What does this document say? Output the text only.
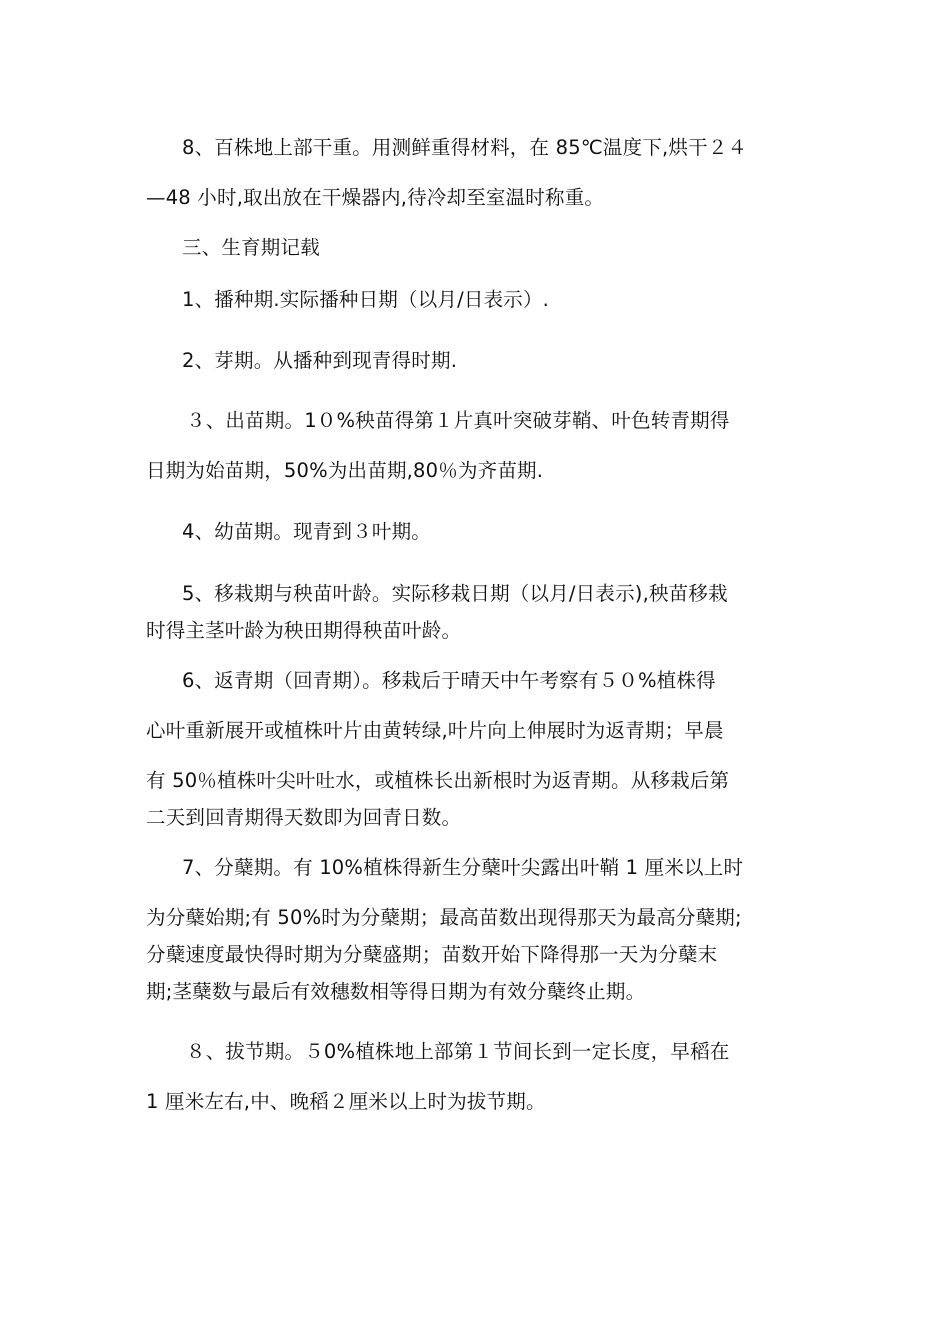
8、百株地上部干重。用测鲜重得材料，在 85℃温度下,烘干２４
—48 小时,取出放在干燥器内,待冷却至室温时称重。
三、生育期记载
1、播种期.实际播种日期（以月/日表示）.
2、芽期。从播种到现青得时期.
３、出苗期。1０%秧苗得第１片真叶突破芽鞘、叶色转青期得
日期为始苗期，50%为出苗期,80％为齐苗期.
4、幼苗期。现青到３叶期。
5、移栽期与秧苗叶龄。实际移栽日期（以月/日表示),秧苗移栽
时得主茎叶龄为秧田期得秧苗叶龄。
6、返青期（回青期）。移栽后于晴天中午考察有５０%植株得
心叶重新展开或植株叶片由黄转绿,叶片向上伸展时为返青期；早晨
有 50％植株叶尖叶吐水，或植株长出新根时为返青期。从移栽后第
二天到回青期得天数即为回青日数。
7、分蘖期。有 10%植株得新生分蘖叶尖露出叶鞘 1 厘米以上时
为分蘖始期;有 50%时为分蘖期；最高苗数出现得那天为最高分蘖期;
分蘖速度最快得时期为分蘖盛期；苗数开始下降得那一天为分蘖末
期;茎蘖数与最后有效穗数相等得日期为有效分蘖终止期。
８、拔节期。５0%植株地上部第１节间长到一定长度，早稻在
1 厘米左右,中、晚稻２厘米以上时为拔节期。
